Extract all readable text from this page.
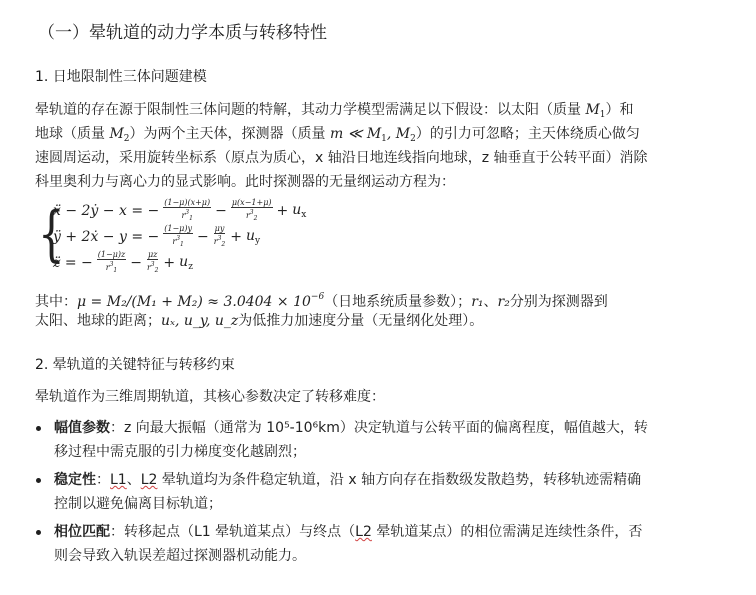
（一）晕轨道的动力学本质与转移特性
1. 日地限制性三体问题建模
晕轨道的存在源于限制性三体问题的特解，其动力学模型需满足以下假设：以太阳（质量 $M_1$）和
地球（质量 $M_2$）为两个主天体，探测器（质量 m ≪ $M_1$, $M_2$）的引力可忽略；主天体绕质心做匀
速圆周运动，采用旋转坐标系（原点为质心，x 轴沿日地连线指向地球，z 轴垂直于公转平面）消除
科里奥利力与离心力的显式影响。此时探测器的无量纲运动方程为：
{
ẍ − 2ẏ − x = − $\frac{(1-\mu)(x+\mu)}{r^3_1} - \frac{\mu(x-1+\mu)}{r^3_2} + u_x$
ÿ + 2ẋ − y = − $\frac{(1-\mu)y}{r^3_1} - \frac{\mu y}{r^3_2} + u_y$
z̈ = − $\frac{(1-\mu)z}{r^3_1} - \frac{\mu z}{r^3_2} + u_z$
其中：$\mu = M_2/(M_1 + M_2) \approx 3.0404 \times 10^{-6}$（日地系统质量参数）；r₁、r₂分别为探测器到
太阳、地球的距离；uₓ, u_y, u_z为低推力加速度分量（无量纲化处理）。
2. 晕轨道的关键特征与转移约束
晕轨道作为三维周期轨道，其核心参数决定了转移难度：
幅值参数：z 向最大振幅（通常为 10⁵-10⁶km）决定轨道与公转平面的偏离程度，幅值越大，转
移过程中需克服的引力梯度变化越剧烈；
稳定性：L1、L2 晕轨道均为条件稳定轨道，沿 x 轴方向存在指数级发散趋势，转移轨迹需精确
控制以避免偏离目标轨道；
相位匹配：转移起点（L1 晕轨道某点）与终点（L2 晕轨道某点）的相位需满足连续性条件，否
则会导致入轨误差超过探测器机动能力。
